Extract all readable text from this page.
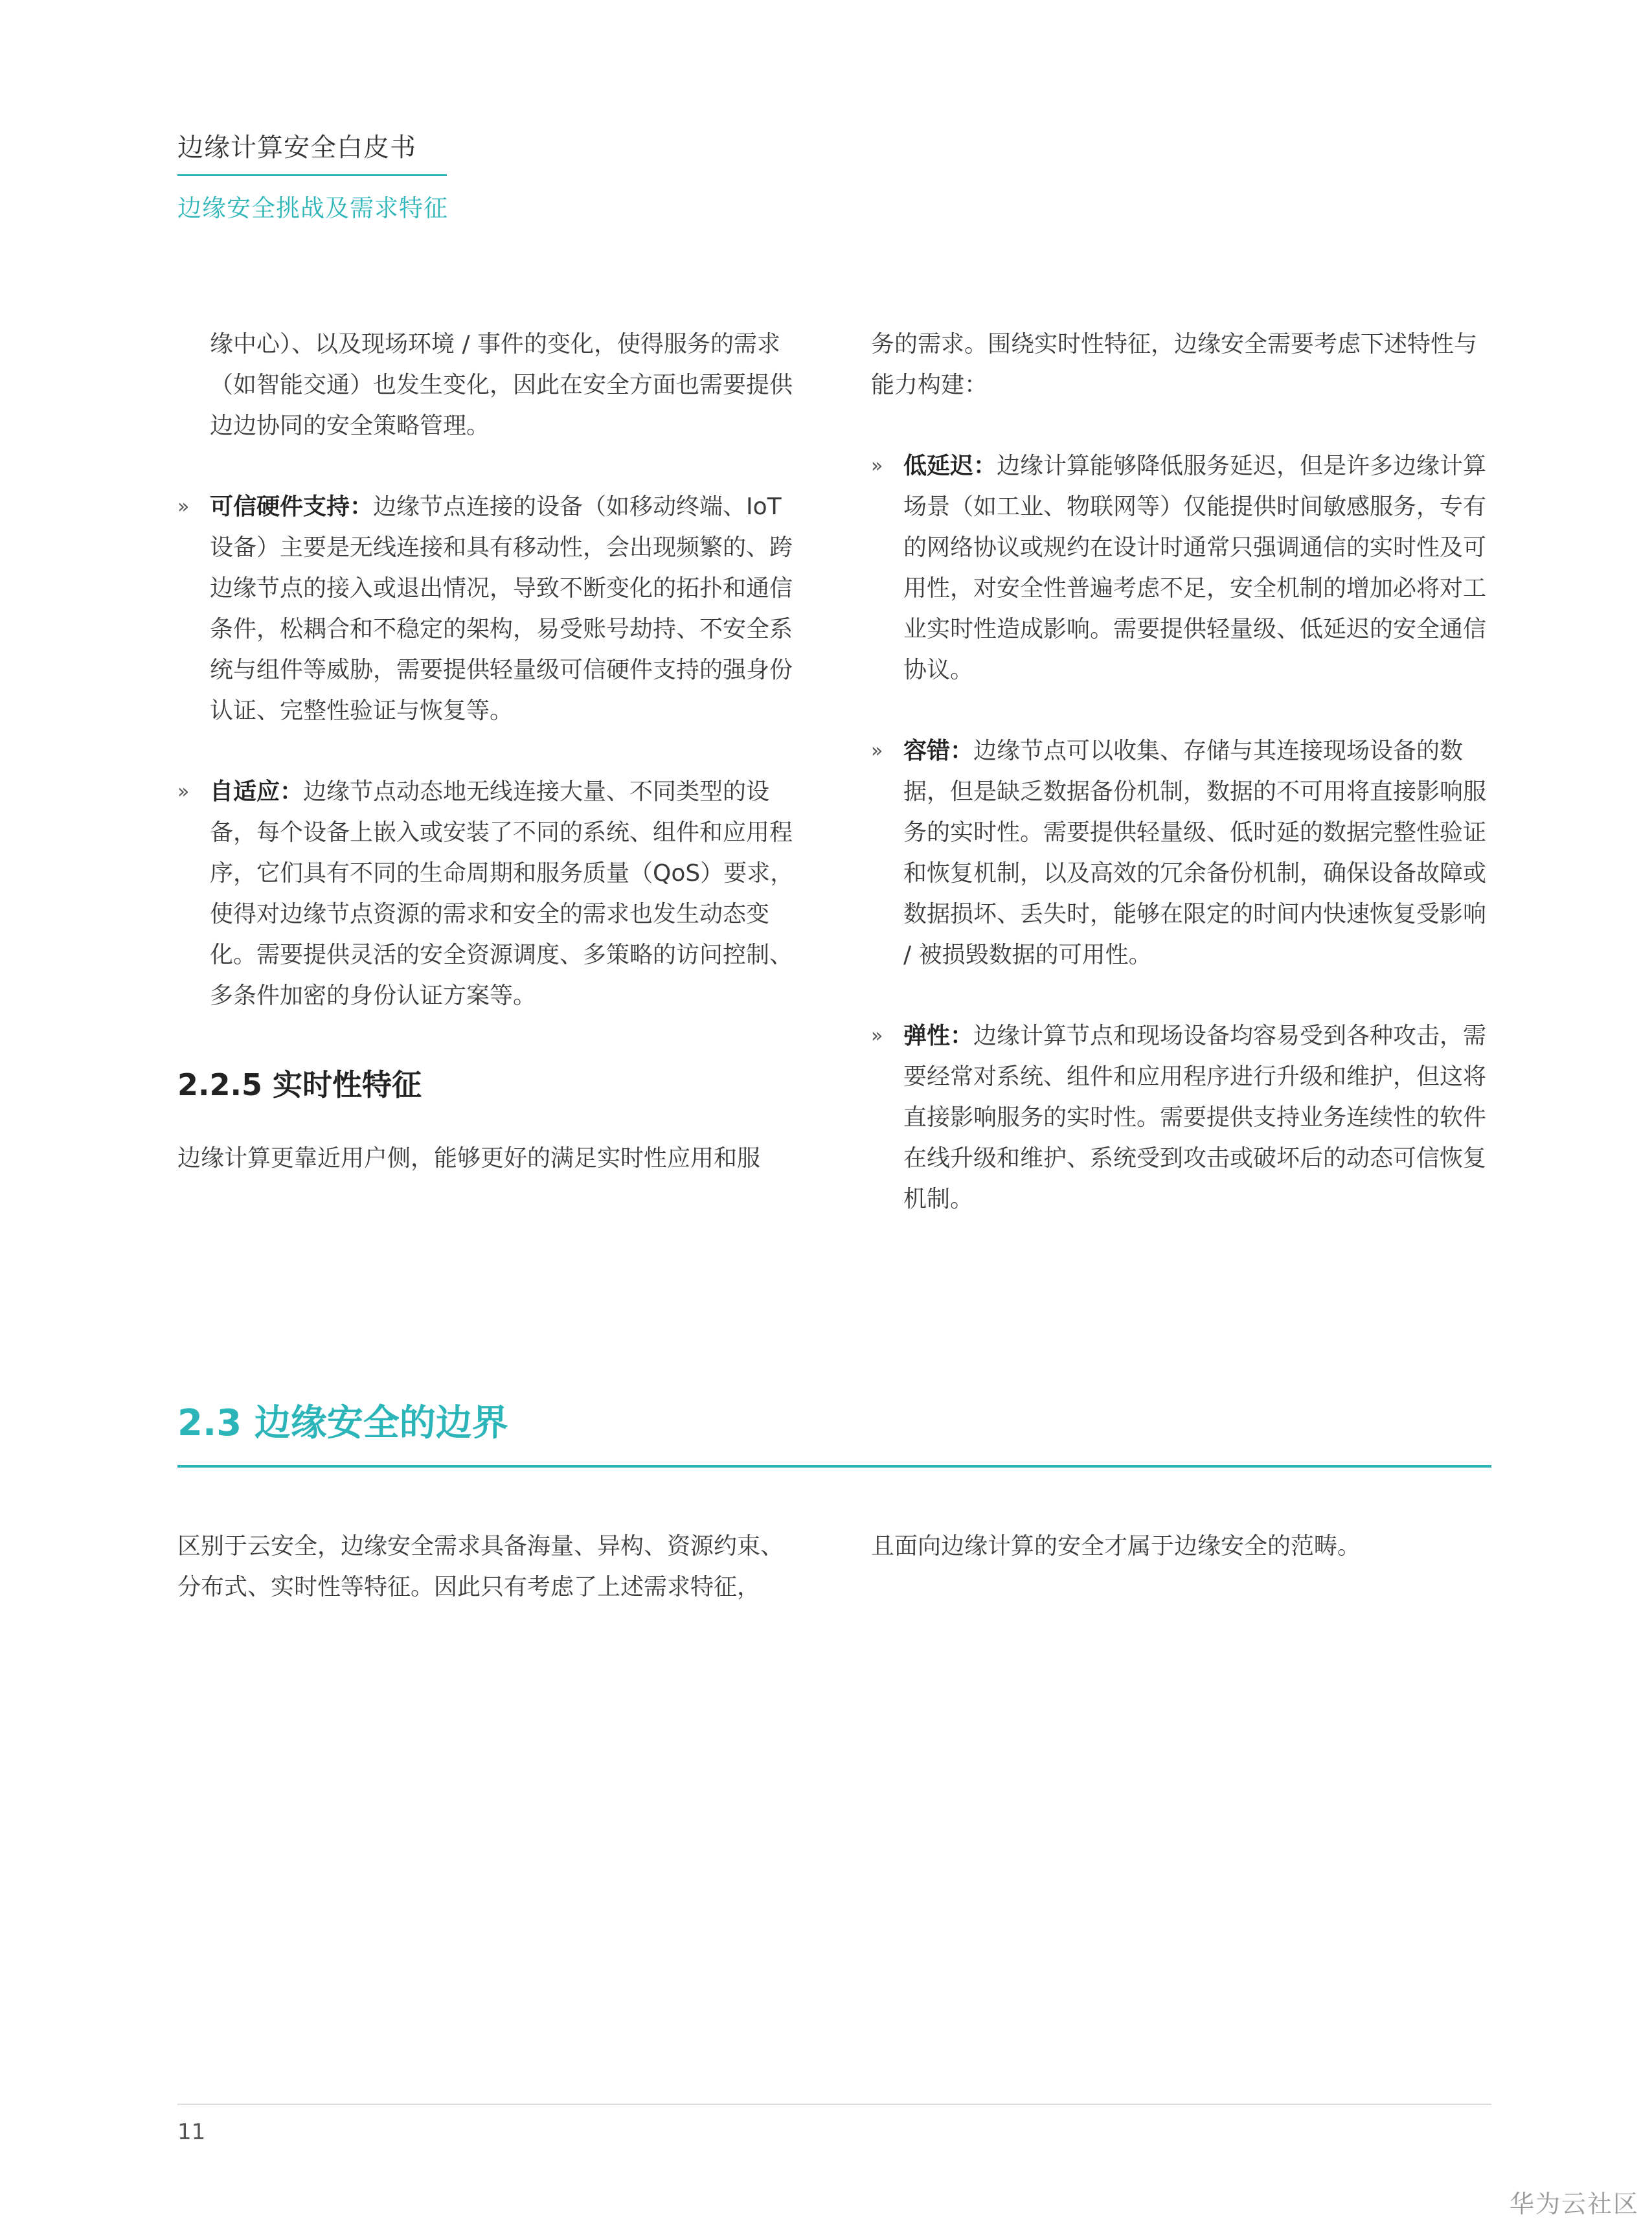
边缘计算安全白皮书
边缘安全挑战及需求特征

缘中心）、以及现场环境 / 事件的变化，使得服务的需求（如智能交通）也发生变化，因此在安全方面也需要提供边边协同的安全策略管理。

» 可信硬件支持：边缘节点连接的设备（如移动终端、IoT 设备）主要是无线连接和具有移动性，会出现频繁的、跨边缘节点的接入或退出情况，导致不断变化的拓扑和通信条件，松耦合和不稳定的架构，易受账号劫持、不安全系统与组件等威胁，需要提供轻量级可信硬件支持的强身份认证、完整性验证与恢复等。
» 自适应：边缘节点动态地无线连接大量、不同类型的设备，每个设备上嵌入或安装了不同的系统、组件和应用程序，它们具有不同的生命周期和服务质量（QoS）要求，使得对边缘节点资源的需求和安全的需求也发生动态变化。需要提供灵活的安全资源调度、多策略的访问控制、多条件加密的身份认证方案等。
2.2.5 实时性特征

边缘计算更靠近用户侧，能够更好的满足实时性应用和服

务的需求。围绕实时性特征，边缘安全需要考虑下述特性与能力构建：

» 低延迟：边缘计算能够降低服务延迟，但是许多边缘计算场景（如工业、物联网等）仅能提供时间敏感服务，专有的网络协议或规约在设计时通常只强调通信的实时性及可用性，对安全性普遍考虑不足，安全机制的增加必将对工业实时性造成影响。需要提供轻量级、低延迟的安全通信协议。
» 容错：边缘节点可以收集、存储与其连接现场设备的数据，但是缺乏数据备份机制，数据的不可用将直接影响服务的实时性。需要提供轻量级、低时延的数据完整性验证和恢复机制，以及高效的冗余备份机制，确保设备故障或数据损坏、丢失时，能够在限定的时间内快速恢复受影响 / 被损毁数据的可用性。
» 弹性：边缘计算节点和现场设备均容易受到各种攻击，需要经常对系统、组件和应用程序进行升级和维护，但这将直接影响服务的实时性。需要提供支持业务连续性的软件在线升级和维护、系统受到攻击或破坏后的动态可信恢复机制。
2.3 边缘安全的边界

区别于云安全，边缘安全需求具备海量、异构、资源约束、分布式、实时性等特征。因此只有考虑了上述需求特征，

且面向边缘计算的安全才属于边缘安全的范畴。

11
华为云社区
